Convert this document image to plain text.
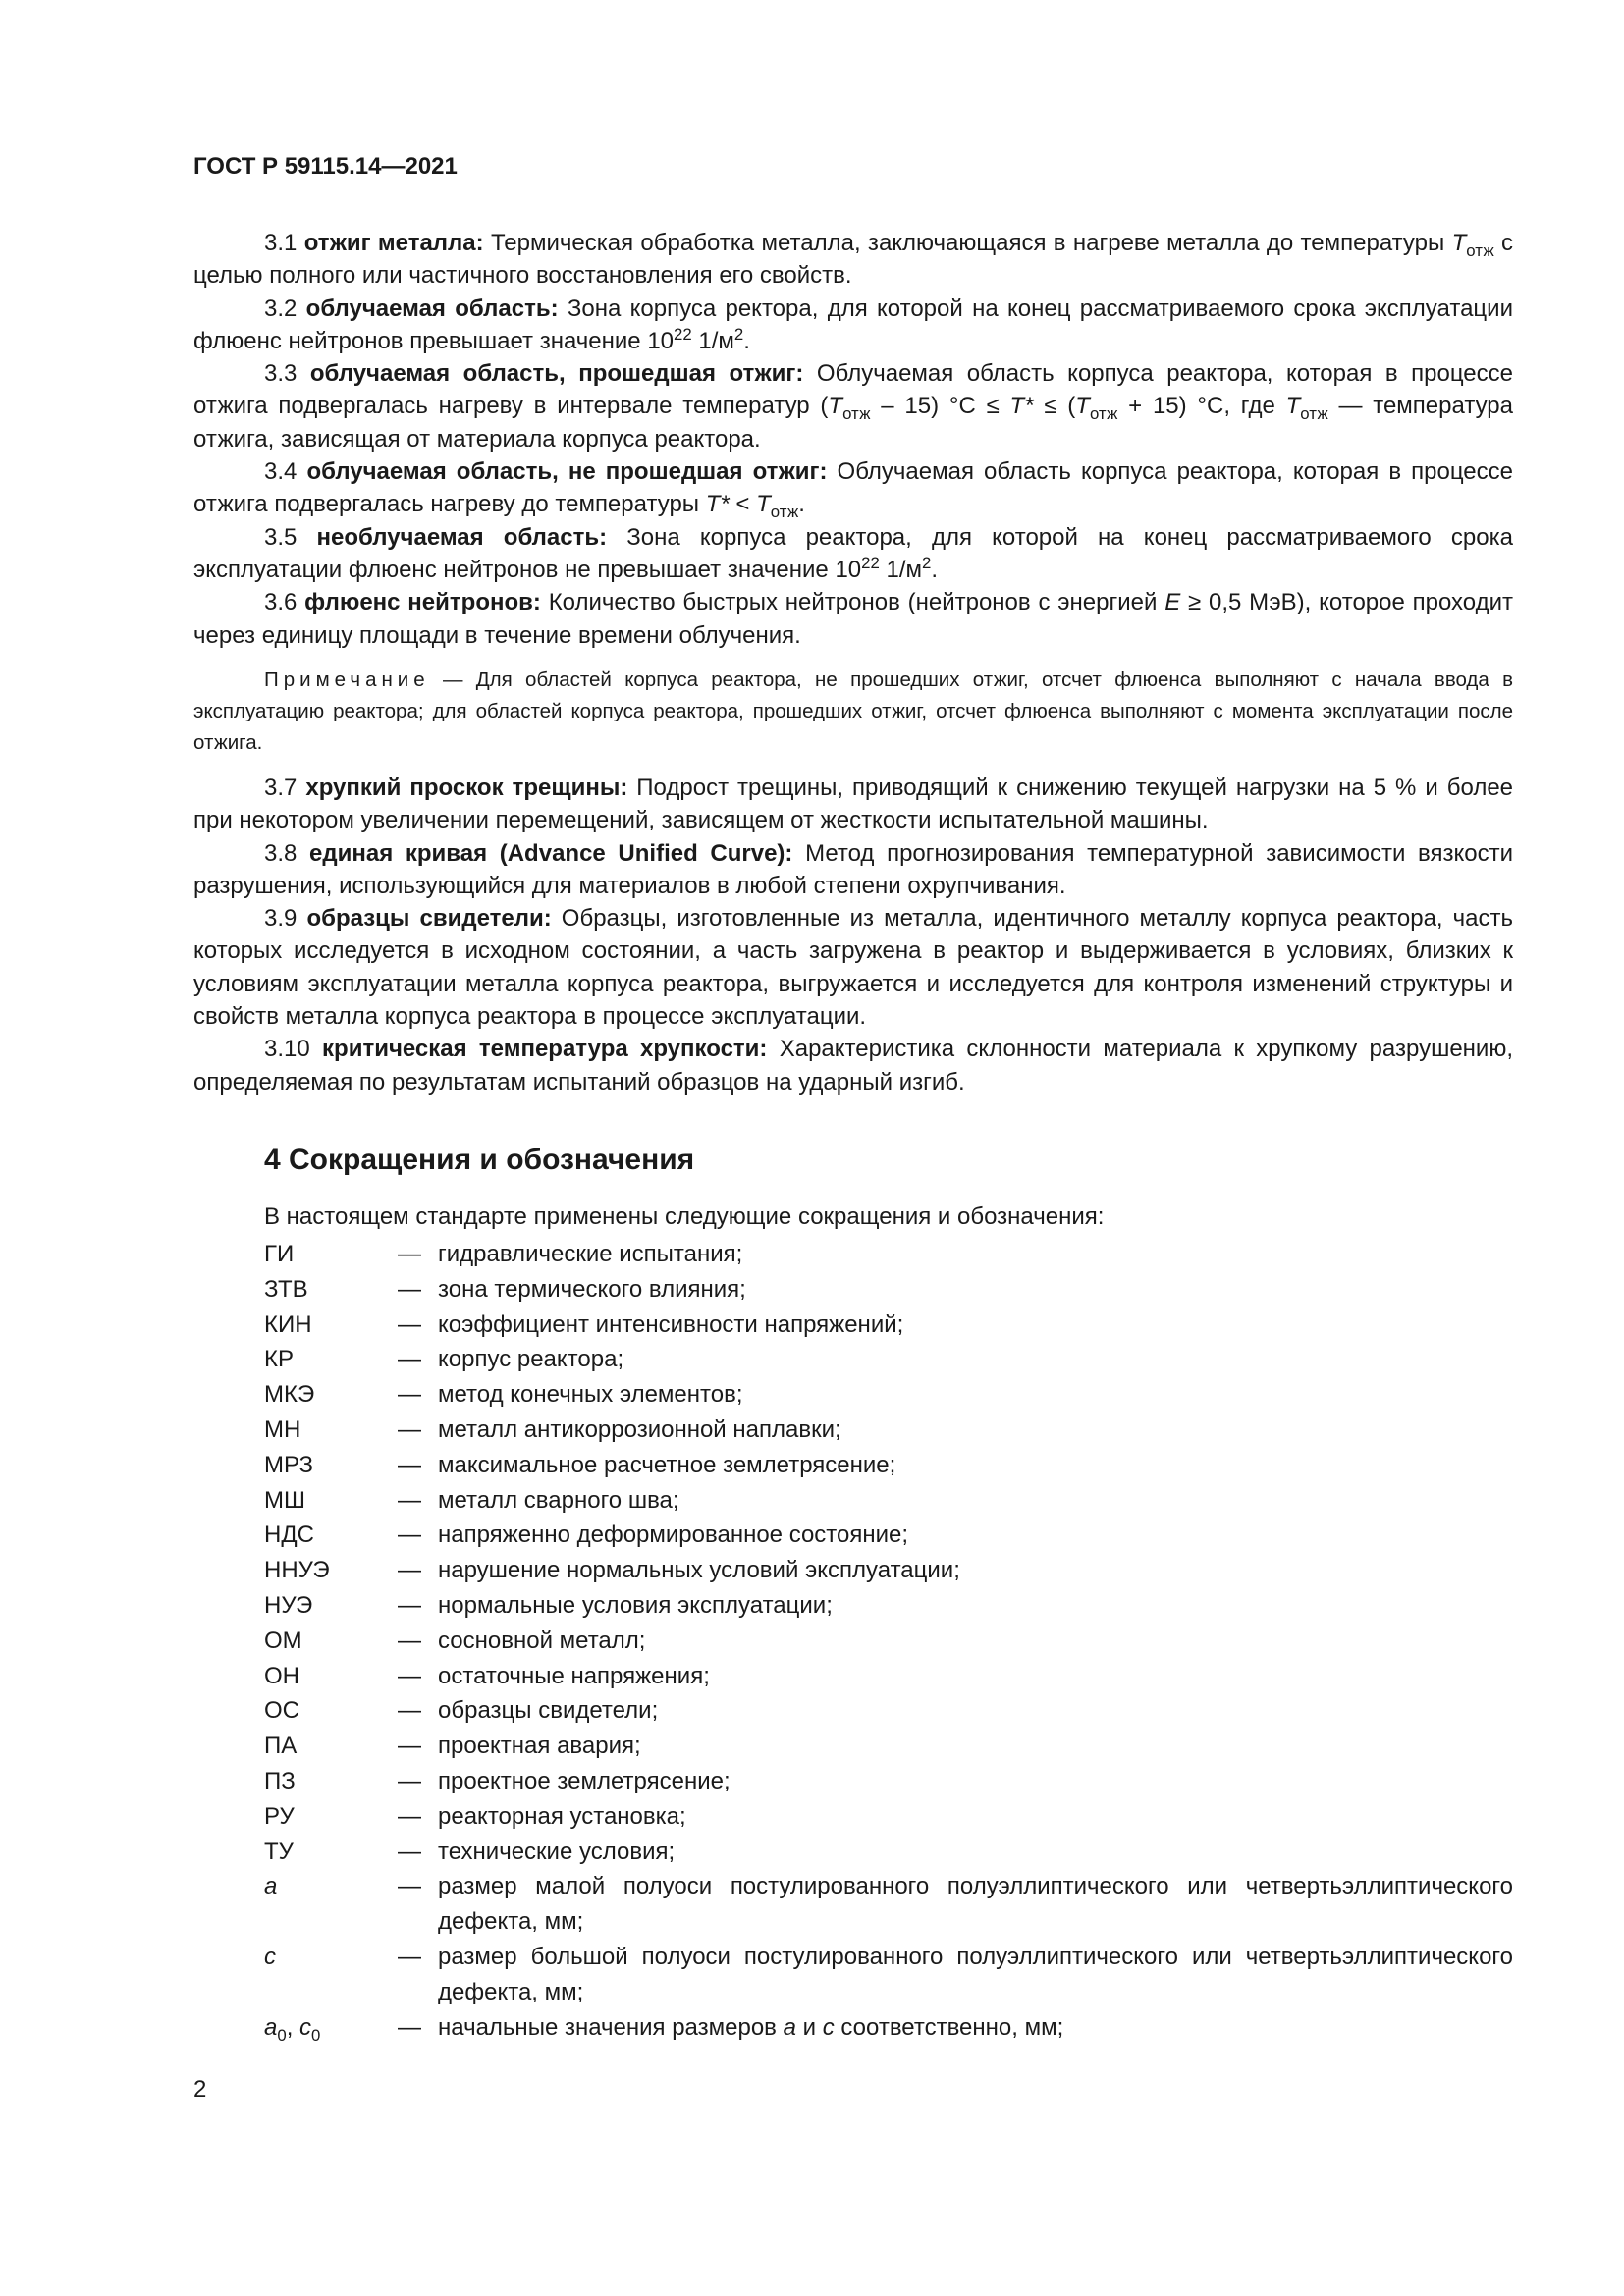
ГОСТ Р 59115.14—2021

3.1 отжиг металла: Термическая обработка металла, заключающаяся в нагреве металла до температуры $T_{отж}$ с целью полного или частичного восстановления его свойств.

3.2 облучаемая область: Зона корпуса ректора, для которой на конец рассматриваемого срока эксплуатации флюенс нейтронов превышает значение $10^{22}$ $1/м^2$.

3.3 облучаемая область, прошедшая отжиг: Облучаемая область корпуса реактора, которая в процессе отжига подвергалась нагреву в интервале температур $(T_{отж} - 15) ^\circ С \le T* \le (T_{отж} + 15)$ °С, где $T_{отж}$ — температура отжига, зависящая от материала корпуса реактора.

3.4 облучаемая область, не прошедшая отжиг: Облучаемая область корпуса реактора, которая в процессе отжига подвергалась нагреву до температуры $T* < T_{отж}$.

3.5 необлучаемая область: Зона корпуса реактора, для которой на конец рассматриваемого срока эксплуатации флюенс нейтронов не превышает значение $10^{22}$ $1/м^2$.

3.6 флюенс нейтронов: Количество быстрых нейтронов (нейтронов с энергией E ≥ 0,5 МэВ), которое проходит через единицу площади в течение времени облучения.

Примечание — Для областей корпуса реактора, не прошедших отжиг, отсчет флюенса выполняют с начала ввода в эксплуатацию реактора; для областей корпуса реактора, прошедших отжиг, отсчет флюенса выполняют с момента эксплуатации после отжига.

3.7 хрупкий проскок трещины: Подрост трещины, приводящий к снижению текущей нагрузки на 5 % и более при некотором увеличении перемещений, зависящем от жесткости испытательной машины.

3.8 единая кривая (Advance Unified Curve): Метод прогнозирования температурной зависимости вязкости разрушения, использующийся для материалов в любой степени охрупчивания.

3.9 образцы свидетели: Образцы, изготовленные из металла, идентичного металлу корпуса реактора, часть которых исследуется в исходном состоянии, а часть загружена в реактор и выдерживается в условиях, близких к условиям эксплуатации металла корпуса реактора, выгружается и исследуется для контроля изменений структуры и свойств металла корпуса реактора в процессе эксплуатации.

3.10 критическая температура хрупкости: Характеристика склонности материала к хрупкому разрушению, определяемая по результатам испытаний образцов на ударный изгиб.

4 Сокращения и обозначения
В настоящем стандарте применены следующие сокращения и обозначения:
ГИ	— гидравлические испытания;
ЗТВ	— зона термического влияния;
КИН	— коэффициент интенсивности напряжений;
КР	— корпус реактора;
МКЭ	— метод конечных элементов;
МН	— металл антикоррозионной наплавки;
МРЗ	— максимальное расчетное землетрясение;
МШ	— металл сварного шва;
НДС	— напряженно деформированное состояние;
ННУЭ	— нарушение нормальных условий эксплуатации;
НУЭ	— нормальные условия эксплуатации;
ОМ	— сосновной металл;
ОН	— остаточные напряжения;
ОС	— образцы свидетели;
ПА	— проектная авария;
ПЗ	— проектное землетрясение;
РУ	— реакторная установка;
ТУ	— технические условия;
a	— размер малой полуоси постулированного полуэллиптического или четвертьэллиптического дефекта, мм;
c	— размер большой полуоси постулированного полуэллиптического или четвертьэллиптического дефекта, мм;
$a_0$, $c_0$	— начальные значения размеров a и c соответственно, мм;
2
